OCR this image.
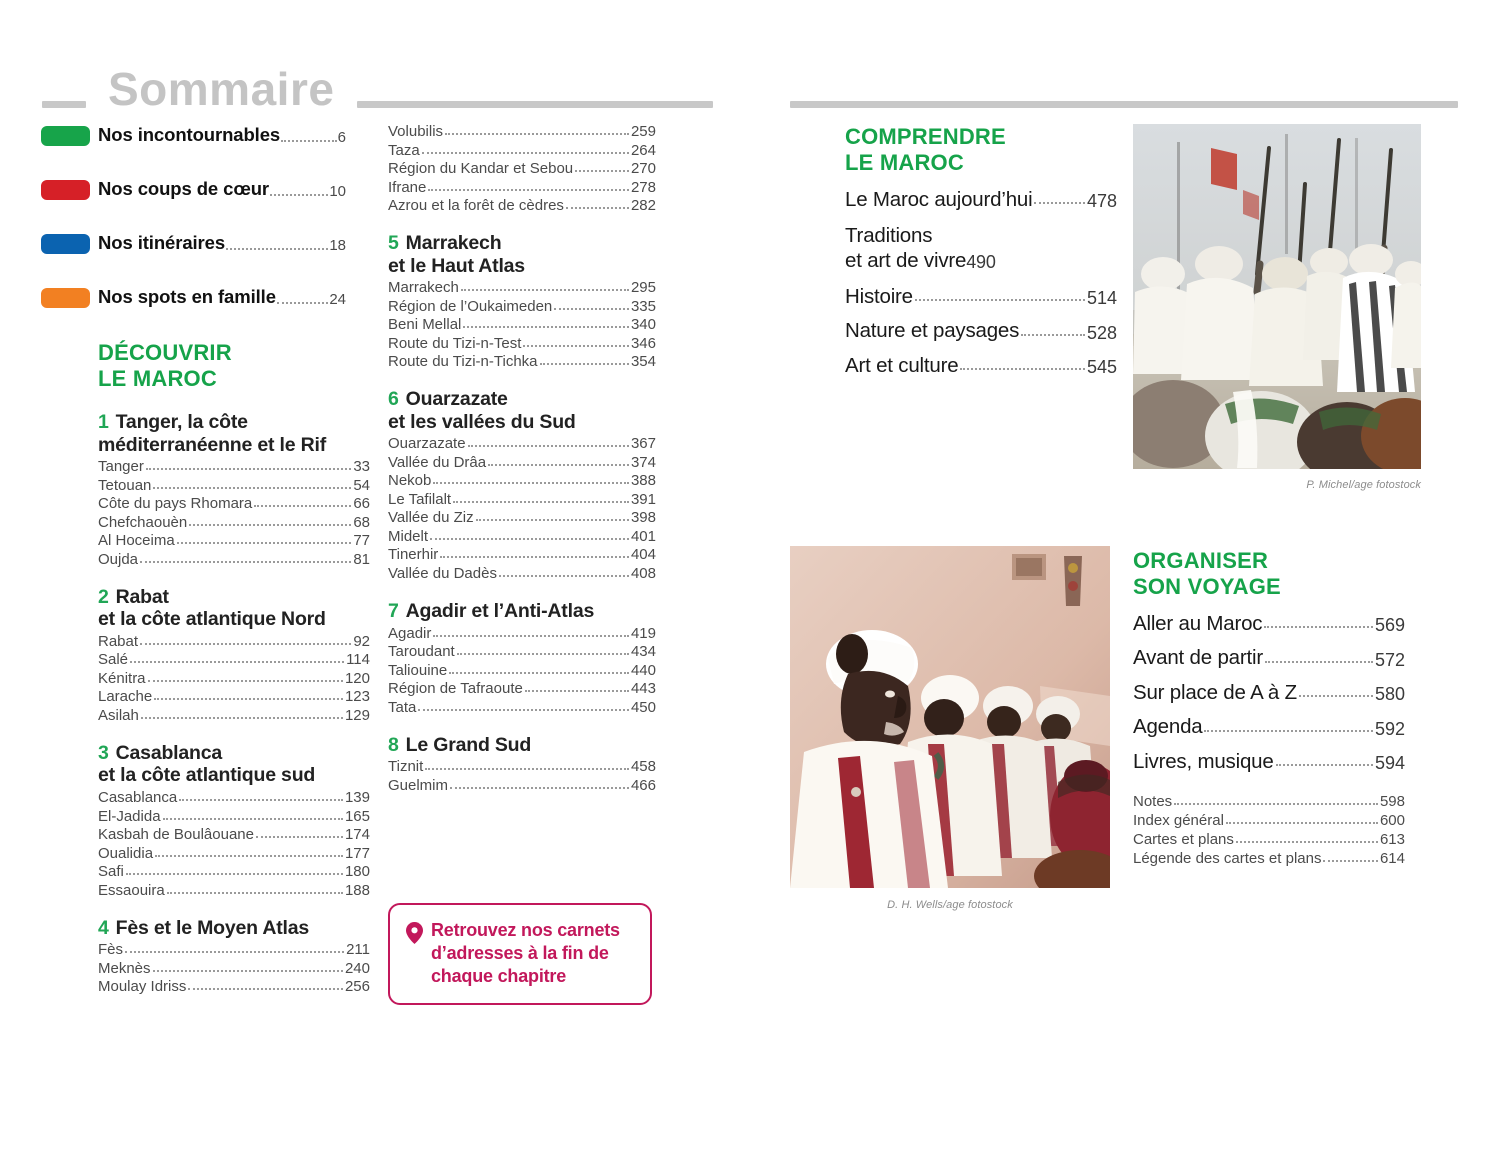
Sommaire
Nos incontournables	6
Nos coups de cœur	10
Nos itinéraires	18
Nos spots en famille	24
DÉCOUVRIR
LE MAROC
1 Tanger, la côte
méditerranéenne et le Rif
Tanger	33
Tetouan	54
Côte du pays Rhomara	66
Chefchaouèn	68
Al Hoceima	77
Oujda	81
2 Rabat
et la côte atlantique Nord
Rabat	92
Salé	114
Kénitra	120
Larache	123
Asilah	129
3 Casablanca
et la côte atlantique sud
Casablanca	139
El-Jadida	165
Kasbah de Boulâouane	174
Oualidia	177
Safi	180
Essaouira	188
4 Fès et le Moyen Atlas
Fès	211
Meknès	240
Moulay Idriss	256
Volubilis	259
Taza	264
Région du Kandar et Sebou	270
Ifrane	278
Azrou et la forêt de cèdres	282
5 Marrakech
et le Haut Atlas
Marrakech	295
Région de l’Oukaimeden	335
Beni Mellal	340
Route du Tizi-n-Test	346
Route du Tizi-n-Tichka	354
6 Ouarzazate
et les vallées du Sud
Ouarzazate	367
Vallée du Drâa	374
Nekob	388
Le Tafilalt	391
Vallée du Ziz	398
Midelt	401
Tinerhir	404
Vallée du Dadès	408
7 Agadir et l’Anti-Atlas
Agadir	419
Taroudant	434
Taliouine	440
Région de Tafraoute	443
Tata	450
8 Le Grand Sud
Tiznit	458
Guelmim	466
Retrouvez nos carnets
d’adresses à la fin de
chaque chapitre
COMPRENDRE
LE MAROC
Le Maroc aujourd’hui	478
Traditions
et art de vivre 490
Histoire	514
Nature et paysages	528
Art et culture	545
ORGANISER
SON VOYAGE
Aller au Maroc	569
Avant de partir	572
Sur place de A à Z	580
Agenda	592
Livres, musique	594
Notes	598
Index général	600
Cartes et plans	613
Légende des cartes et plans	614
P. Michel/age fotostock
D. H. Wells/age fotostock
